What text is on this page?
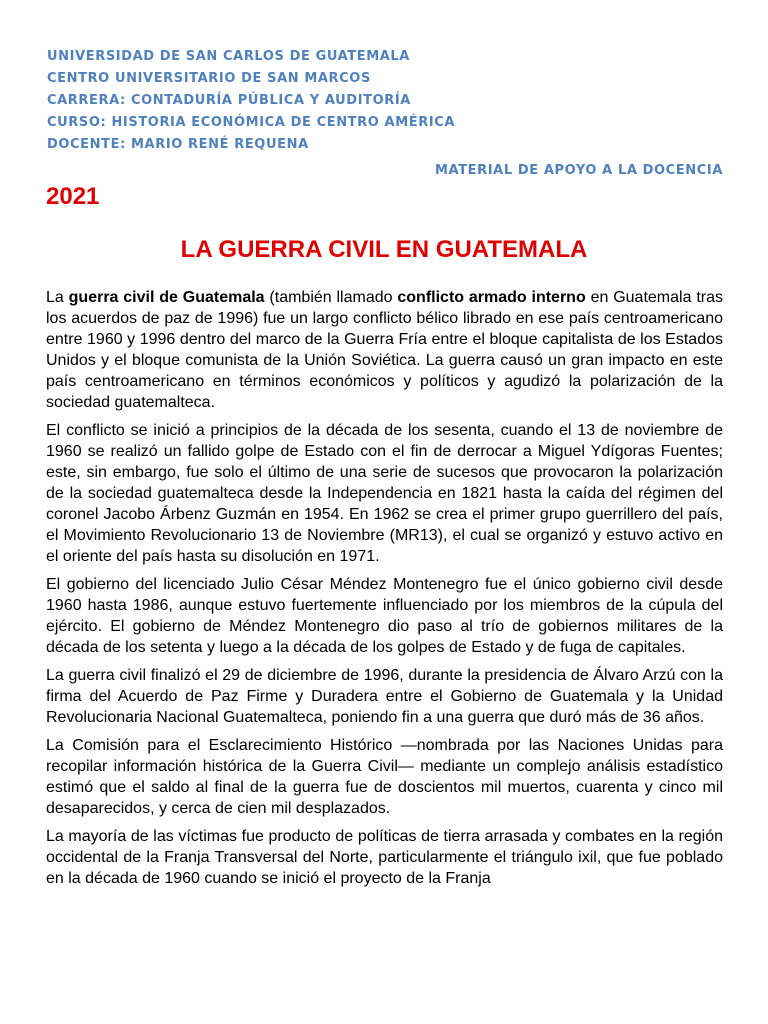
UNIVERSIDAD DE SAN CARLOS DE GUATEMALA
CENTRO UNIVERSITARIO DE SAN MARCOS
CARRERA: CONTADURÍA PÚBLICA Y AUDITORÍA
CURSO: HISTORIA ECONÓMICA DE CENTRO AMÉRICA
DOCENTE: MARIO RENÉ REQUENA
MATERIAL DE APOYO A LA DOCENCIA
2021
LA GUERRA CIVIL EN GUATEMALA

La guerra civil de Guatemala (también llamado conflicto armado interno en Guatemala tras los acuerdos de paz de 1996) fue un largo conflicto bélico librado en ese país centroamericano entre 1960 y 1996 dentro del marco de la Guerra Fría entre el bloque capitalista de los Estados Unidos y el bloque comunista de la Unión Soviética. La guerra causó un gran impacto en este país centroamericano en términos económicos y políticos y agudizó la polarización de la sociedad guatemalteca.

El conflicto se inició a principios de la década de los sesenta, cuando el 13 de noviembre de 1960 se realizó un fallido golpe de Estado con el fin de derrocar a Miguel Ydígoras Fuentes; este, sin embargo, fue solo el último de una serie de sucesos que provocaron la polarización de la sociedad guatemalteca desde la Independencia en 1821 hasta la caída del régimen del coronel Jacobo Árbenz Guzmán en 1954. En 1962 se crea el primer grupo guerrillero del país, el Movimiento Revolucionario 13 de Noviembre (MR13), el cual se organizó y estuvo activo en el oriente del país hasta su disolución en 1971.

El gobierno del licenciado Julio César Méndez Montenegro fue el único gobierno civil desde 1960 hasta 1986, aunque estuvo fuertemente influenciado por los miembros de la cúpula del ejército. El gobierno de Méndez Montenegro dio paso al trío de gobiernos militares de la década de los setenta y luego a la década de los golpes de Estado y de fuga de capitales.

La guerra civil finalizó el 29 de diciembre de 1996, durante la presidencia de Álvaro Arzú con la firma del Acuerdo de Paz Firme y Duradera entre el Gobierno de Guatemala y la Unidad Revolucionaria Nacional Guatemalteca, poniendo fin a una guerra que duró más de 36 años.

La Comisión para el Esclarecimiento Histórico —nombrada por las Naciones Unidas para recopilar información histórica de la Guerra Civil— mediante un complejo análisis estadístico estimó que el saldo al final de la guerra fue de doscientos mil muertos, cuarenta y cinco mil desaparecidos, y cerca de cien mil desplazados.

La mayoría de las víctimas fue producto de políticas de tierra arrasada y combates en la región occidental de la Franja Transversal del Norte, particularmente el triángulo ixil, que fue poblado en la década de 1960 cuando se inició el proyecto de la Franja
